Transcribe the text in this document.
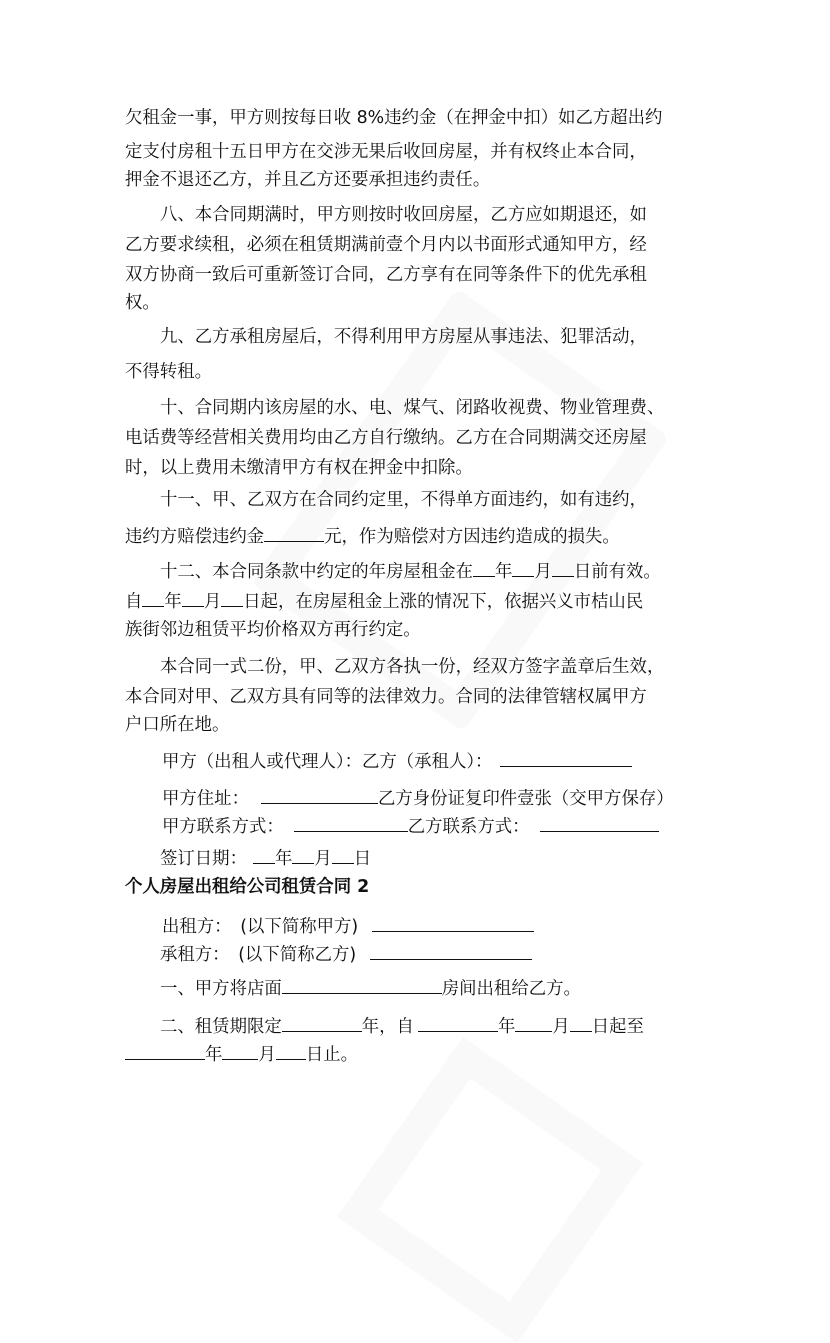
欠租金一事，甲方则按每日收 8%违约金（在押金中扣）如乙方超出约
定支付房租十五日甲方在交涉无果后收回房屋，并有权终止本合同，
押金不退还乙方，并且乙方还要承担违约责任。
八、本合同期满时，甲方则按时收回房屋，乙方应如期退还，如
乙方要求续租，必须在租赁期满前壹个月内以书面形式通知甲方，经
双方协商一致后可重新签订合同，乙方享有在同等条件下的优先承租
权。
九、乙方承租房屋后，不得利用甲方房屋从事违法、犯罪活动，
不得转租。
十、合同期内该房屋的水、电、煤气、闭路收视费、物业管理费、
电话费等经营相关费用均由乙方自行缴纳。乙方在合同期满交还房屋
时，以上费用未缴清甲方有权在押金中扣除。
十一、甲、乙双方在合同约定里，不得单方面违约，如有违约，
违约方赔偿违约金	元，作为赔偿对方因违约造成的损失。
十二、本合同条款中约定的年房屋租金在 年 月 日前有效。
自 年 月 日起，在房屋租金上涨的情况下，依据兴义市桔山民
族街邻边租赁平均价格双方再行约定。
本合同一式二份，甲、乙双方各执一份，经双方签字盖章后生效，
本合同对甲、乙双方具有同等的法律效力。合同的法律管辖权属甲方
户口所在地。
甲方（出租人或代理人）：乙方（承租人）：
甲方住址：	乙方身份证复印件壹张（交甲方保存）
甲方联系方式：	乙方联系方式：
签订日期： 年 月 日
个人房屋出租给公司租赁合同 2
出租方：　(以下简称甲方)
承租方：　(以下简称乙方)
一、甲方将店面	房间出租给乙方。
二、租赁期限定	年，自	年 月 日起至
年 月 日止。
